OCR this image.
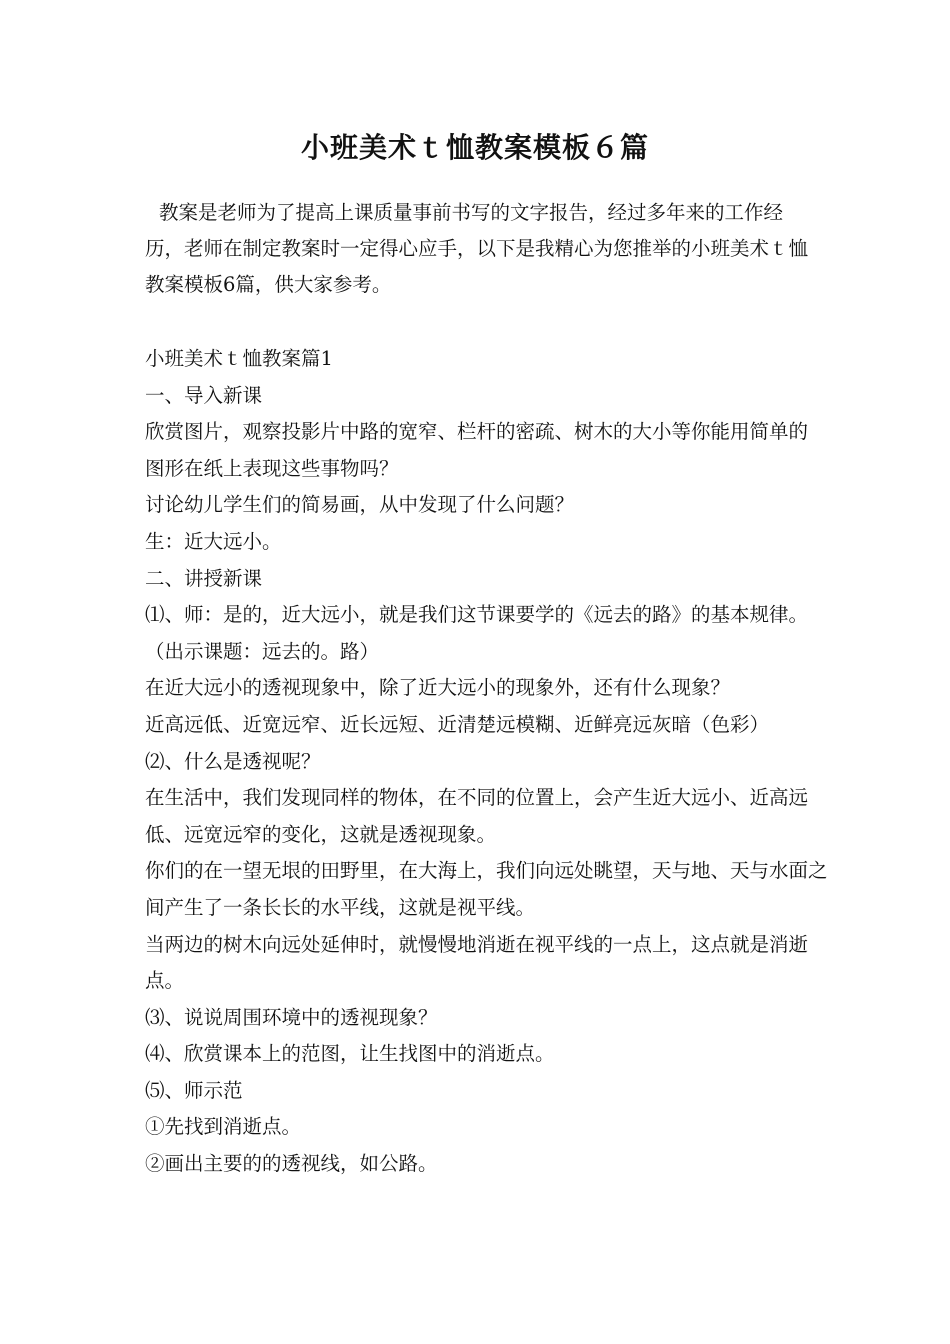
小班美术ｔ恤教案模板６篇

教案是老师为了提高上课质量事前书写的文字报告，经过多年来的工作经历，老师在制定教案时一定得心应手，以下是我精心为您推举的小班美术ｔ恤教案模板6篇，供大家参考。

小班美术ｔ恤教案篇1

一、导入新课

欣赏图片，观察投影片中路的宽窄、栏杆的密疏、树木的大小等你能用简单的图形在纸上表现这些事物吗？

讨论幼儿学生们的简易画，从中发现了什么问题？

生：近大远小。

二、讲授新课

⑴、师：是的，近大远小，就是我们这节课要学的《远去的路》的基本规律。（出示课题：远去的。路）

在近大远小的透视现象中，除了近大远小的现象外，还有什么现象？

近高远低、近宽远窄、近长远短、近清楚远模糊、近鲜亮远灰暗（色彩）

⑵、什么是透视呢？

在生活中，我们发现同样的物体，在不同的位置上，会产生近大远小、近高远低、远宽远窄的变化，这就是透视现象。

你们的在一望无垠的田野里，在大海上，我们向远处眺望，天与地、天与水面之间产生了一条长长的水平线，这就是视平线。

当两边的树木向远处延伸时，就慢慢地消逝在视平线的一点上，这点就是消逝点。

⑶、说说周围环境中的透视现象？

⑷、欣赏课本上的范图，让生找图中的消逝点。

⑸、师示范

①先找到消逝点。

②画出主要的的透视线，如公路。
